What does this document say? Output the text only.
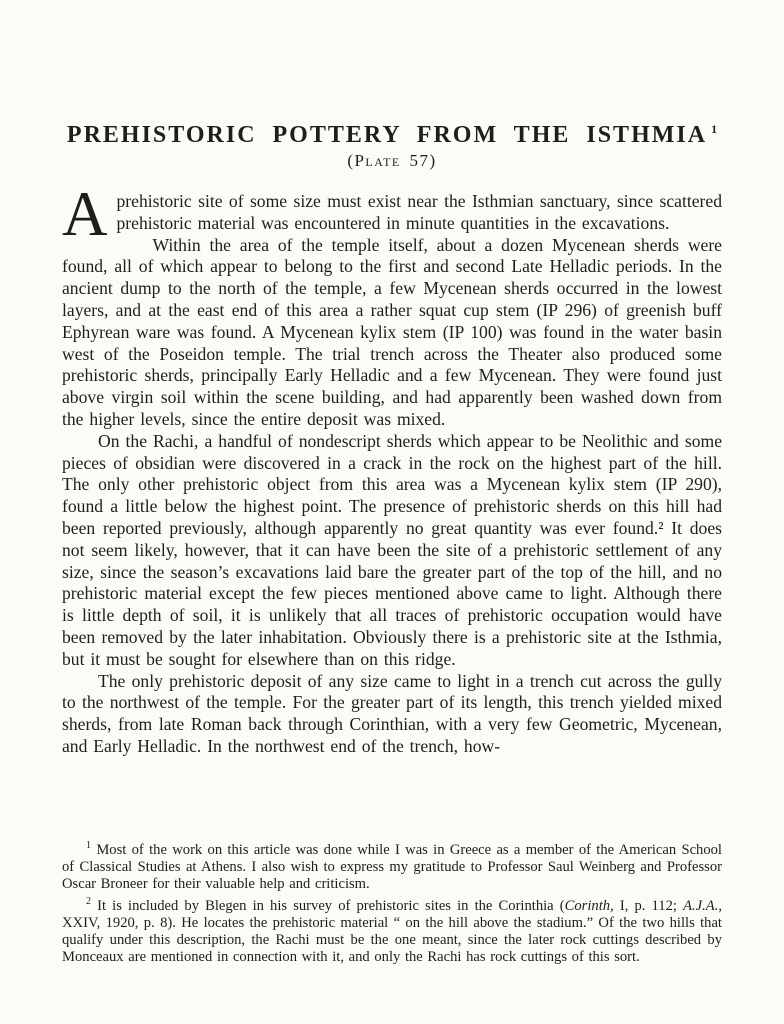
PREHISTORIC POTTERY FROM THE ISTHMIA $^1$
(Plate 57)

Aprehistoric site of some size must exist near the Isthmian sanctuary, since scattered prehistoric material was encountered in minute quantities in the excavations.

Within the area of the temple itself, about a dozen Mycenean sherds were found, all of which appear to belong to the first and second Late Helladic periods. In the ancient dump to the north of the temple, a few Mycenean sherds occurred in the lowest layers, and at the east end of this area a rather squat cup stem (IP 296) of greenish buff Ephyrean ware was found. A Mycenean kylix stem (IP 100) was found in the water basin west of the Poseidon temple. The trial trench across the Theater also produced some prehistoric sherds, principally Early Helladic and a few Mycenean. They were found just above virgin soil within the scene building, and had apparently been washed down from the higher levels, since the entire deposit was mixed.

On the Rachi, a handful of nondescript sherds which appear to be Neolithic and some pieces of obsidian were discovered in a crack in the rock on the highest part of the hill. The only other prehistoric object from this area was a Mycenean kylix stem (IP 290), found a little below the highest point. The presence of prehistoric sherds on this hill had been reported previously, although apparently no great quantity was ever found.² It does not seem likely, however, that it can have been the site of a prehistoric settlement of any size, since the season’s excavations laid bare the greater part of the top of the hill, and no prehistoric material except the few pieces mentioned above came to light. Although there is little depth of soil, it is unlikely that all traces of prehistoric occupation would have been removed by the later inhabitation. Obviously there is a prehistoric site at the Isthmia, but it must be sought for elsewhere than on this ridge.

The only prehistoric deposit of any size came to light in a trench cut across the gully to the northwest of the temple. For the greater part of its length, this trench yielded mixed sherds, from late Roman back through Corinthian, with a very few Geometric, Mycenean, and Early Helladic. In the northwest end of the trench, how-

$^1$ Most of the work on this article was done while I was in Greece as a member of the American School of Classical Studies at Athens. I also wish to express my gratitude to Professor Saul Weinberg and Professor Oscar Broneer for their valuable help and criticism.

$^2$ It is included by Blegen in his survey of prehistoric sites in the Corinthia (Corinth, I, p. 112; A.J.A., XXIV, 1920, p. 8). He locates the prehistoric material “ on the hill above the stadium.” Of the two hills that qualify under this description, the Rachi must be the one meant, since the later rock cuttings described by Monceaux are mentioned in connection with it, and only the Rachi has rock cuttings of this sort.
